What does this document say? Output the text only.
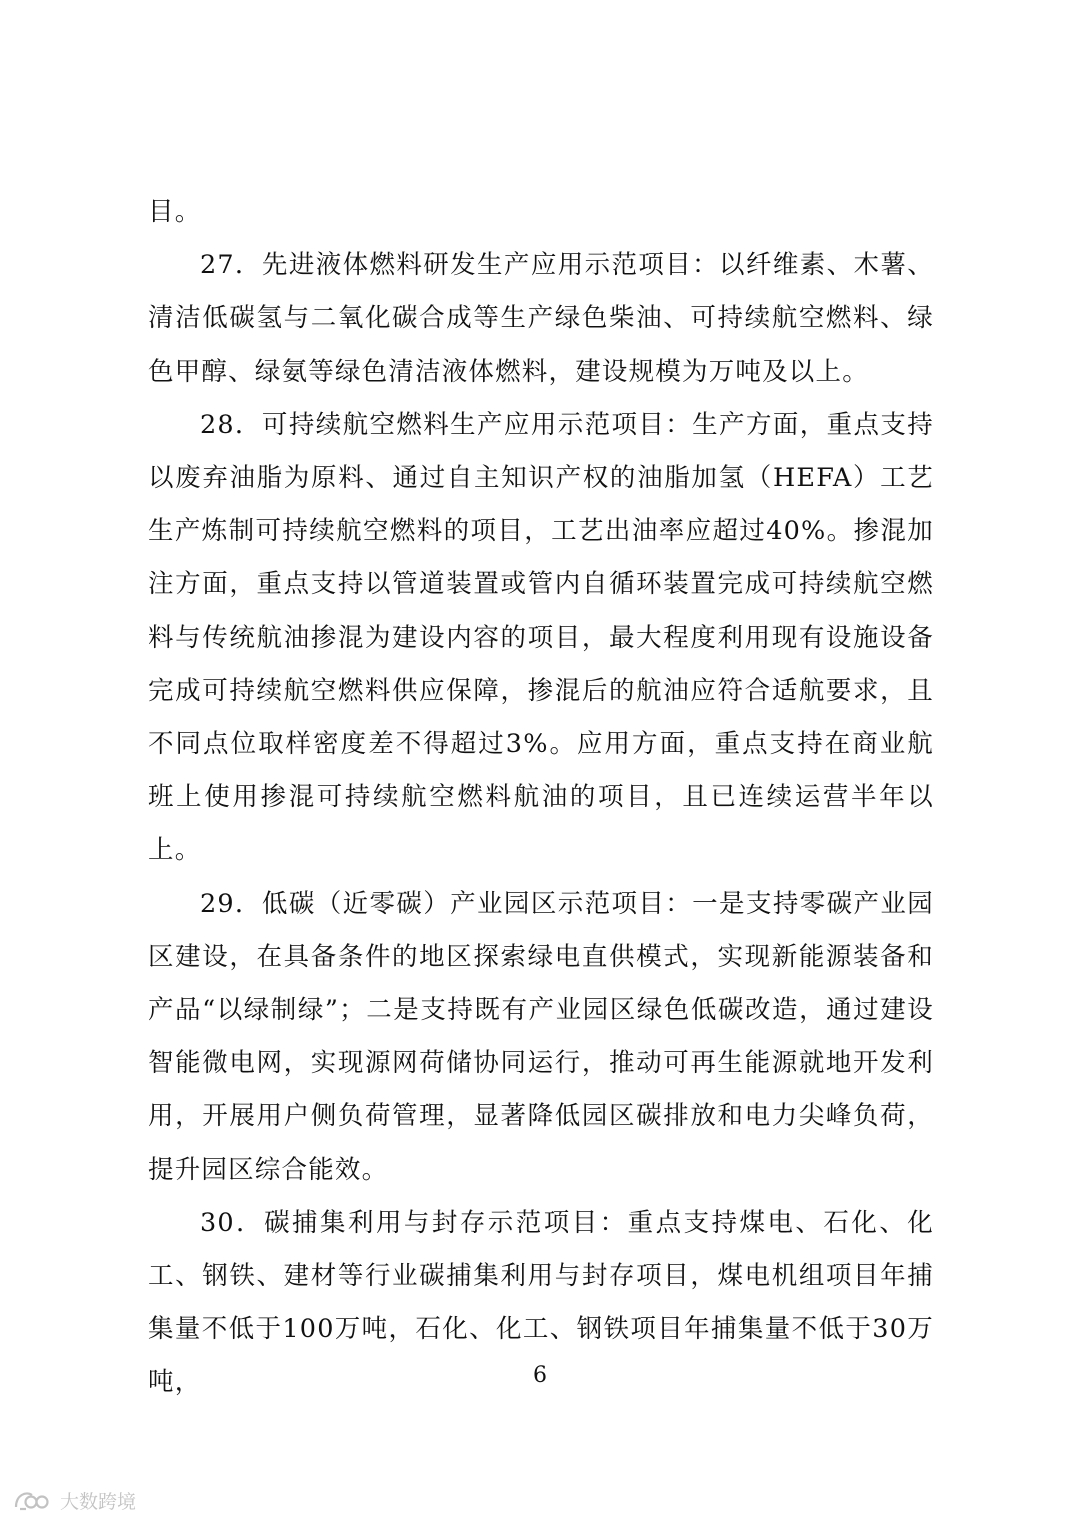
目。

27．先进液体燃料研发生产应用示范项目：以纤维素、木薯、清洁低碳氢与二氧化碳合成等生产绿色柴油、可持续航空燃料、绿色甲醇、绿氨等绿色清洁液体燃料，建设规模为万吨及以上。

28．可持续航空燃料生产应用示范项目：生产方面，重点支持以废弃油脂为原料、通过自主知识产权的油脂加氢（HEFA）工艺生产炼制可持续航空燃料的项目，工艺出油率应超过40%。掺混加注方面，重点支持以管道装置或管内自循环装置完成可持续航空燃料与传统航油掺混为建设内容的项目，最大程度利用现有设施设备完成可持续航空燃料供应保障，掺混后的航油应符合适航要求，且不同点位取样密度差不得超过3%。应用方面，重点支持在商业航班上使用掺混可持续航空燃料航油的项目，且已连续运营半年以上。

29．低碳（近零碳）产业园区示范项目：一是支持零碳产业园区建设，在具备条件的地区探索绿电直供模式，实现新能源装备和产品“以绿制绿”；二是支持既有产业园区绿色低碳改造，通过建设智能微电网，实现源网荷储协同运行，推动可再生能源就地开发利用，开展用户侧负荷管理，显著降低园区碳排放和电力尖峰负荷，提升园区综合能效。

30．碳捕集利用与封存示范项目：重点支持煤电、石化、化工、钢铁、建材等行业碳捕集利用与封存项目，煤电机组项目年捕集量不低于100万吨，石化、化工、钢铁项目年捕集量不低于30万吨，	6
大数跨境
